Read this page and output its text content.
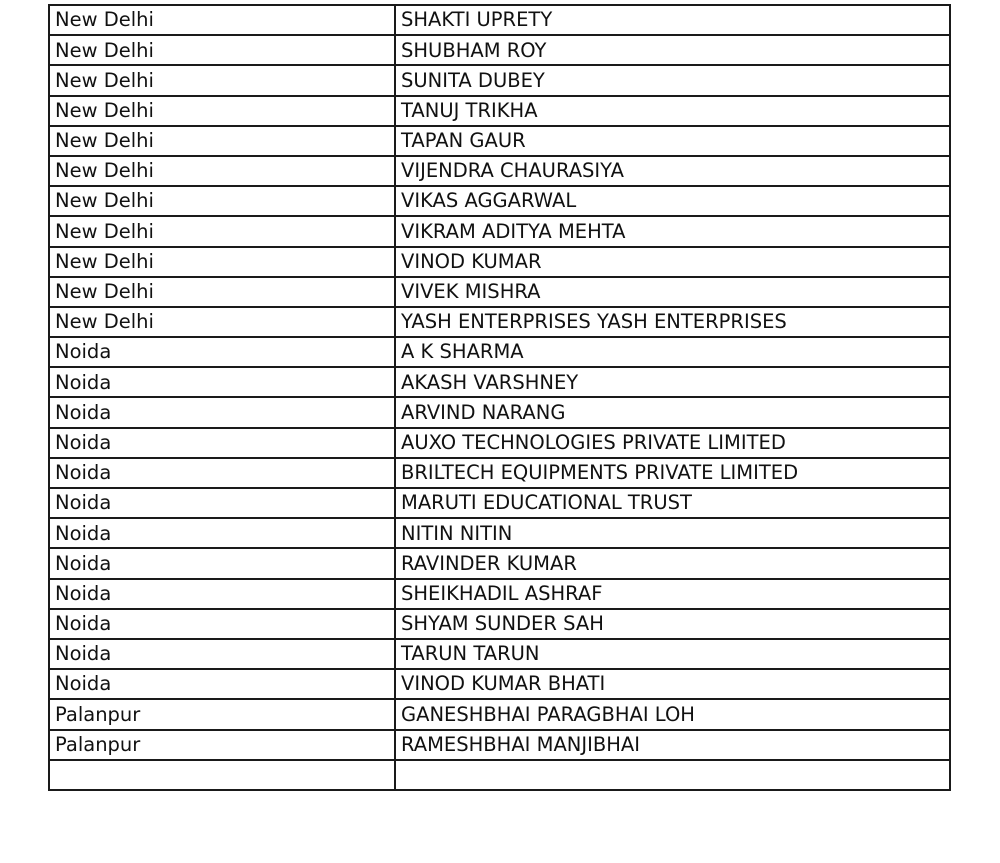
New Delhi	SHAKTI UPRETY
New Delhi	SHUBHAM ROY
New Delhi	SUNITA DUBEY
New Delhi	TANUJ TRIKHA
New Delhi	TAPAN GAUR
New Delhi	VIJENDRA CHAURASIYA
New Delhi	VIKAS AGGARWAL
New Delhi	VIKRAM ADITYA MEHTA
New Delhi	VINOD KUMAR
New Delhi	VIVEK MISHRA
New Delhi	YASH ENTERPRISES YASH ENTERPRISES
Noida	A K SHARMA
Noida	AKASH VARSHNEY
Noida	ARVIND NARANG
Noida	AUXO TECHNOLOGIES PRIVATE LIMITED
Noida	BRILTECH EQUIPMENTS PRIVATE LIMITED
Noida	MARUTI EDUCATIONAL TRUST
Noida	NITIN NITIN
Noida	RAVINDER KUMAR
Noida	SHEIKHADIL ASHRAF
Noida	SHYAM SUNDER SAH
Noida	TARUN TARUN
Noida	VINOD KUMAR BHATI
Palanpur	GANESHBHAI PARAGBHAI LOH
Palanpur	RAMESHBHAI MANJIBHAI
